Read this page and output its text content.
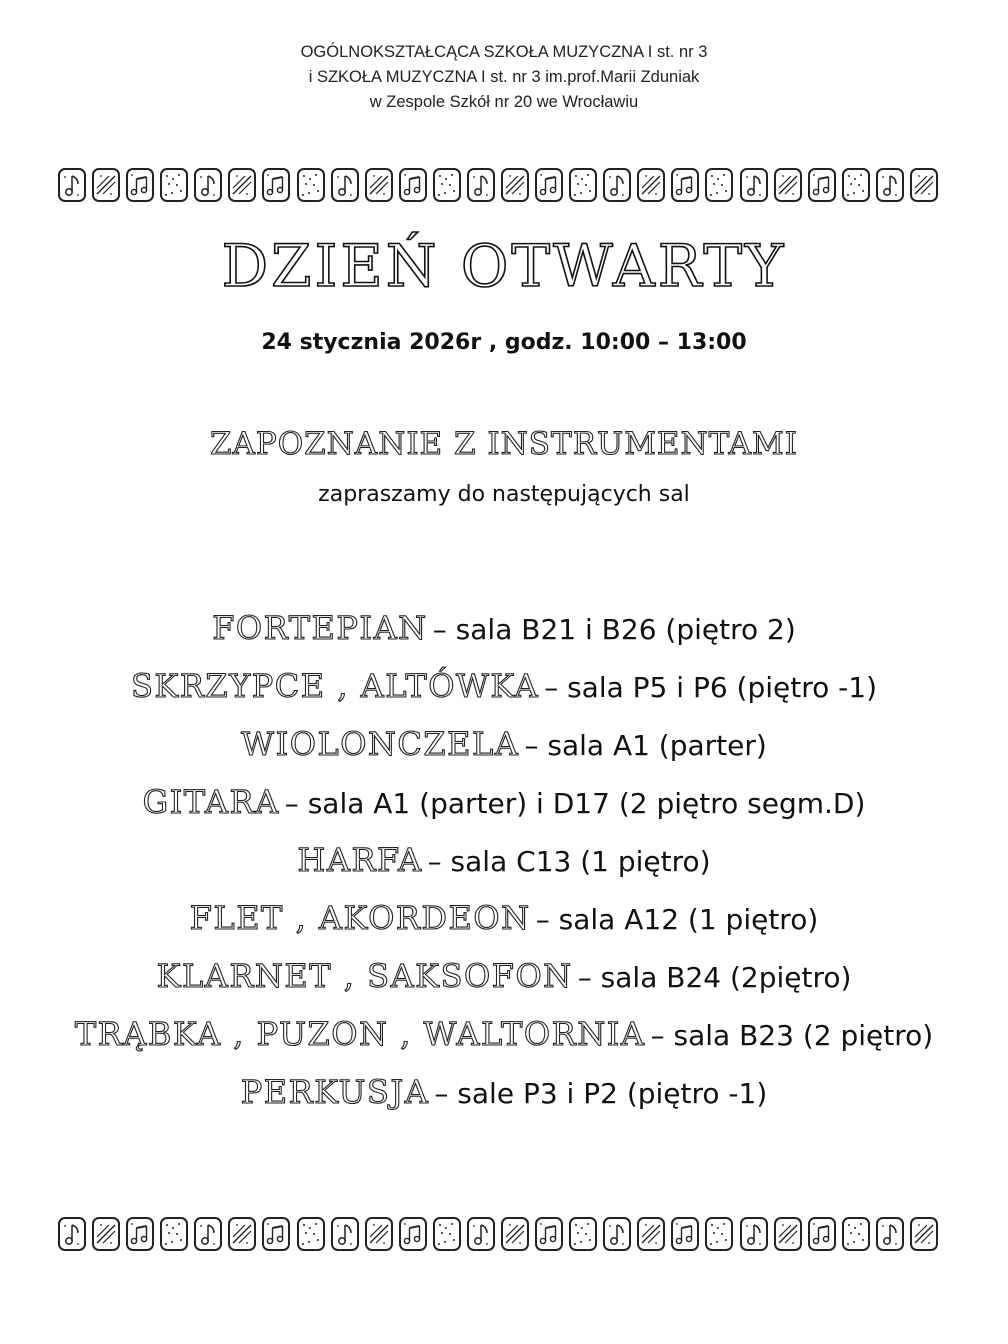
OGÓLNOKSZTAŁCĄCA SZKOŁA MUZYCZNA I st. nr 3
i SZKOŁA MUZYCZNA I st. nr 3 im.prof.Marii Zduniak
w Zespole Szkół nr 20 we Wrocławiu
DZIEŃ OTWARTY
24 stycznia 2026r , godz. 10:00 – 13:00
ZAPOZNANIE Z INSTRUMENTAMI
zapraszamy do następujących sal
FORTEPIAN – sala B21 i B26 (piętro 2)
SKRZYPCE , ALTÓWKA – sala P5 i P6 (piętro -1)
WIOLONCZELA – sala A1 (parter)
GITARA – sala A1 (parter) i D17 (2 piętro segm.D)
HARFA – sala C13 (1 piętro)
FLET , AKORDEON – sala A12 (1 piętro)
KLARNET , SAKSOFON – sala B24 (2piętro)
TRĄBKA , PUZON , WALTORNIA – sala B23 (2 piętro)
PERKUSJA – sale P3 i P2 (piętro -1)
